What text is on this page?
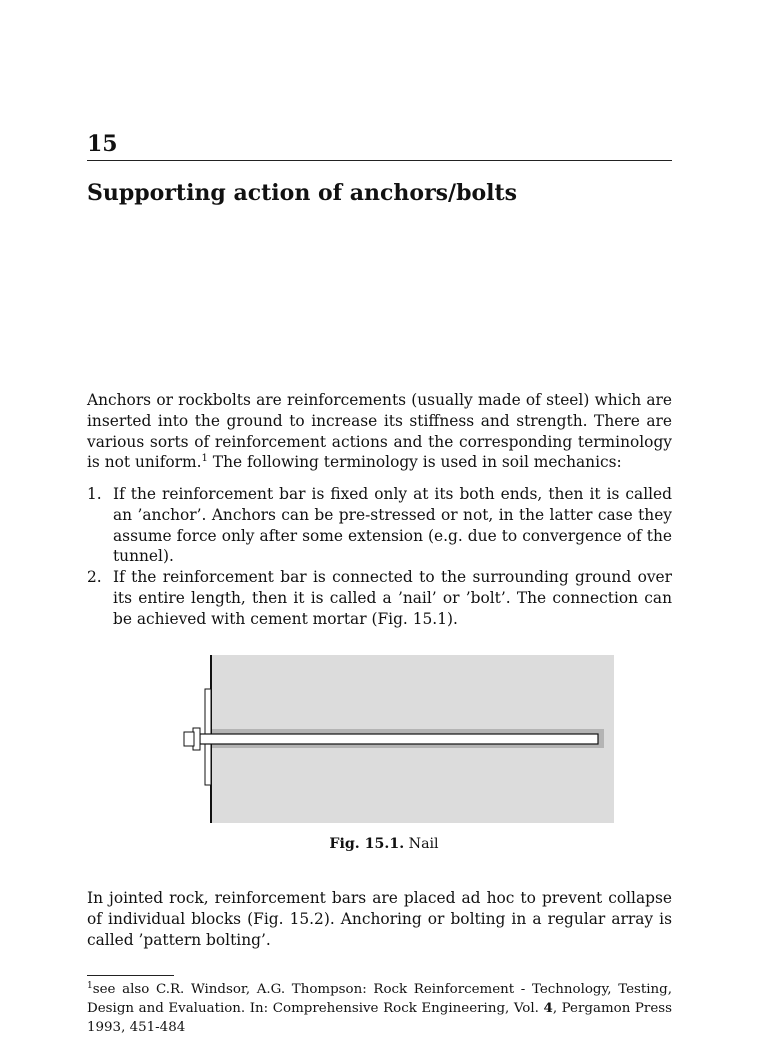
15
Supporting action of anchors/bolts

Anchors or rockbolts are reinforcements (usually made of steel) which are inserted into the ground to increase its stiffness and strength. There are various sorts of reinforcement actions and the corresponding terminology is not uniform.$^1$ The following terminology is used in soil mechanics:

1. If the reinforcement bar is fixed only at its both ends, then it is called an ’anchor’. Anchors can be pre-stressed or not, in the latter case they assume force only after some extension (e.g. due to convergence of the tunnel).
2. If the reinforcement bar is connected to the surrounding ground over its entire length, then it is called a ’nail’ or ’bolt’. The connection can be achieved with cement mortar (Fig. 15.1).
Fig. 15.1. Nail

In jointed rock, reinforcement bars are placed ad hoc to prevent collapse of individual blocks (Fig. 15.2). Anchoring or bolting in a regular array is called ’pattern bolting’.

$^1$see also C.R. Windsor, A.G. Thompson: Rock Reinforcement - Technology, Testing, Design and Evaluation. In: Comprehensive Rock Engineering, Vol. 4, Pergamon Press 1993, 451-484
